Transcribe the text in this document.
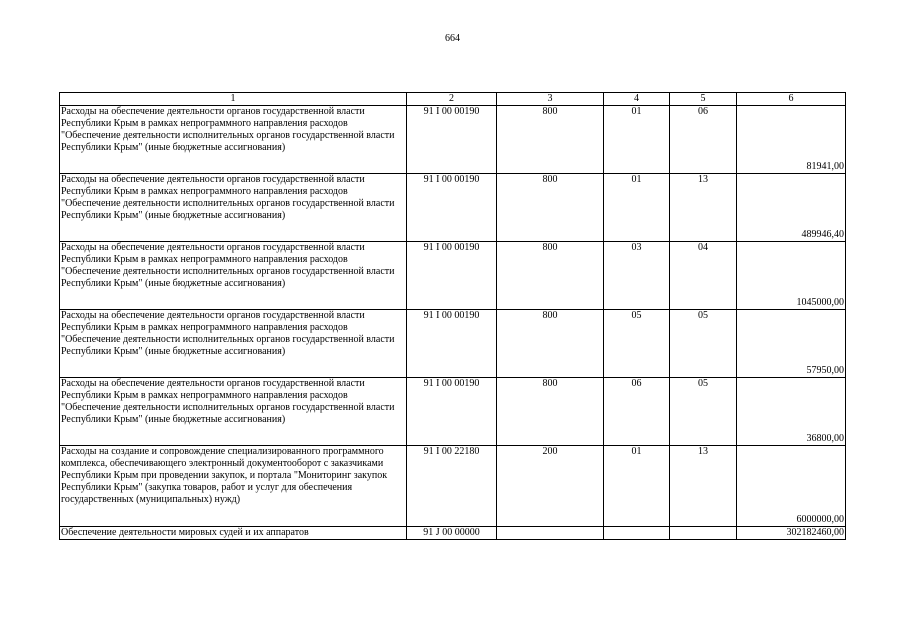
664
1	2	3	4	5	6
Расходы на обеспечение деятельности органов государственной власти Республики Крым в рамках непрограммного направления расходов "Обеспечение деятельности исполнительных органов государственной власти Республики Крым" (иные бюджетные ассигнования)	91 I 00 00190	800	01	06	81941,00
Расходы на обеспечение деятельности органов государственной власти Республики Крым в рамках непрограммного направления расходов "Обеспечение деятельности исполнительных органов государственной власти Республики Крым" (иные бюджетные ассигнования)	91 I 00 00190	800	01	13	489946,40
Расходы на обеспечение деятельности органов государственной власти Республики Крым в рамках непрограммного направления расходов "Обеспечение деятельности исполнительных органов государственной власти Республики Крым" (иные бюджетные ассигнования)	91 I 00 00190	800	03	04	1045000,00
Расходы на обеспечение деятельности органов государственной власти Республики Крым в рамках непрограммного направления расходов "Обеспечение деятельности исполнительных органов государственной власти Республики Крым" (иные бюджетные ассигнования)	91 I 00 00190	800	05	05	57950,00
Расходы на обеспечение деятельности органов государственной власти Республики Крым в рамках непрограммного направления расходов "Обеспечение деятельности исполнительных органов государственной власти Республики Крым" (иные бюджетные ассигнования)	91 I 00 00190	800	06	05	36800,00
Расходы на создание и сопровождение специализированного программного комплекса, обеспечивающего электронный документооборот с заказчиками Республики Крым при проведении закупок, и портала "Мониторинг закупок Республики Крым" (закупка товаров, работ и услуг для обеспечения государственных (муниципальных) нужд)	91 I 00 22180	200	01	13	6000000,00
Обеспечение деятельности мировых судей и их аппаратов	91 J 00 00000				302182460,00
